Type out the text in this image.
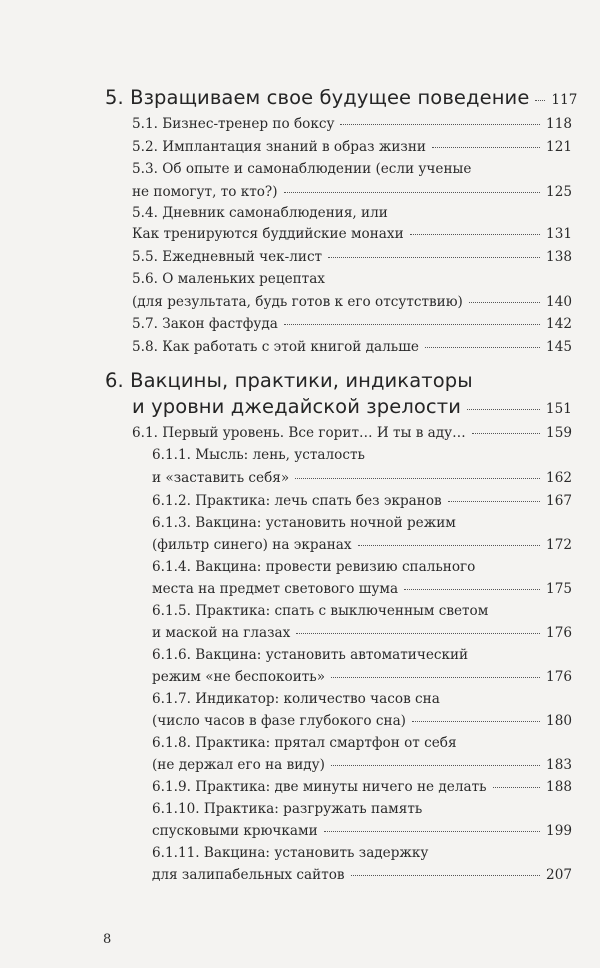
5. Взращиваем свое будущее поведение 117
5.1. Бизнес-тренер по боксу	118
5.2. Имплантация знаний в образ жизни	121
5.3. Об опыте и самонаблюдении (если ученые
не помогут, то кто?)	125
5.4. Дневник самонаблюдения, или
Как тренируются буддийские монахи	131
5.5. Ежедневный чек-лист	138
5.6. О маленьких рецептах
(для результата, будь готов к его отсутствию)	140
5.7. Закон фастфуда	142
5.8. Как работать с этой книгой дальше	145
6. Вакцины, практики, индикаторы
и уровни джедайской зрелости	151
6.1. Первый уровень. Все горит… И ты в аду…	159
6.1.1. Мысль: лень, усталость
и «заставить себя»	162
6.1.2. Практика: лечь спать без экранов	167
6.1.3. Вакцина: установить ночной режим
(фильтр синего) на экранах	172
6.1.4. Вакцина: провести ревизию спального
места на предмет светового шума	175
6.1.5. Практика: спать с выключенным светом
и маской на глазах	176
6.1.6. Вакцина: установить автоматический
режим «не беспокоить»	176
6.1.7. Индикатор: количество часов сна
(число часов в фазе глубокого сна)	180
6.1.8. Практика: прятал смартфон от себя
(не держал его на виду)	183
6.1.9. Практика: две минуты ничего не делать	188
6.1.10. Практика: разгружать память
спусковыми крючками	199
6.1.11. Вакцина: установить задержку
для залипабельных сайтов	207
8
